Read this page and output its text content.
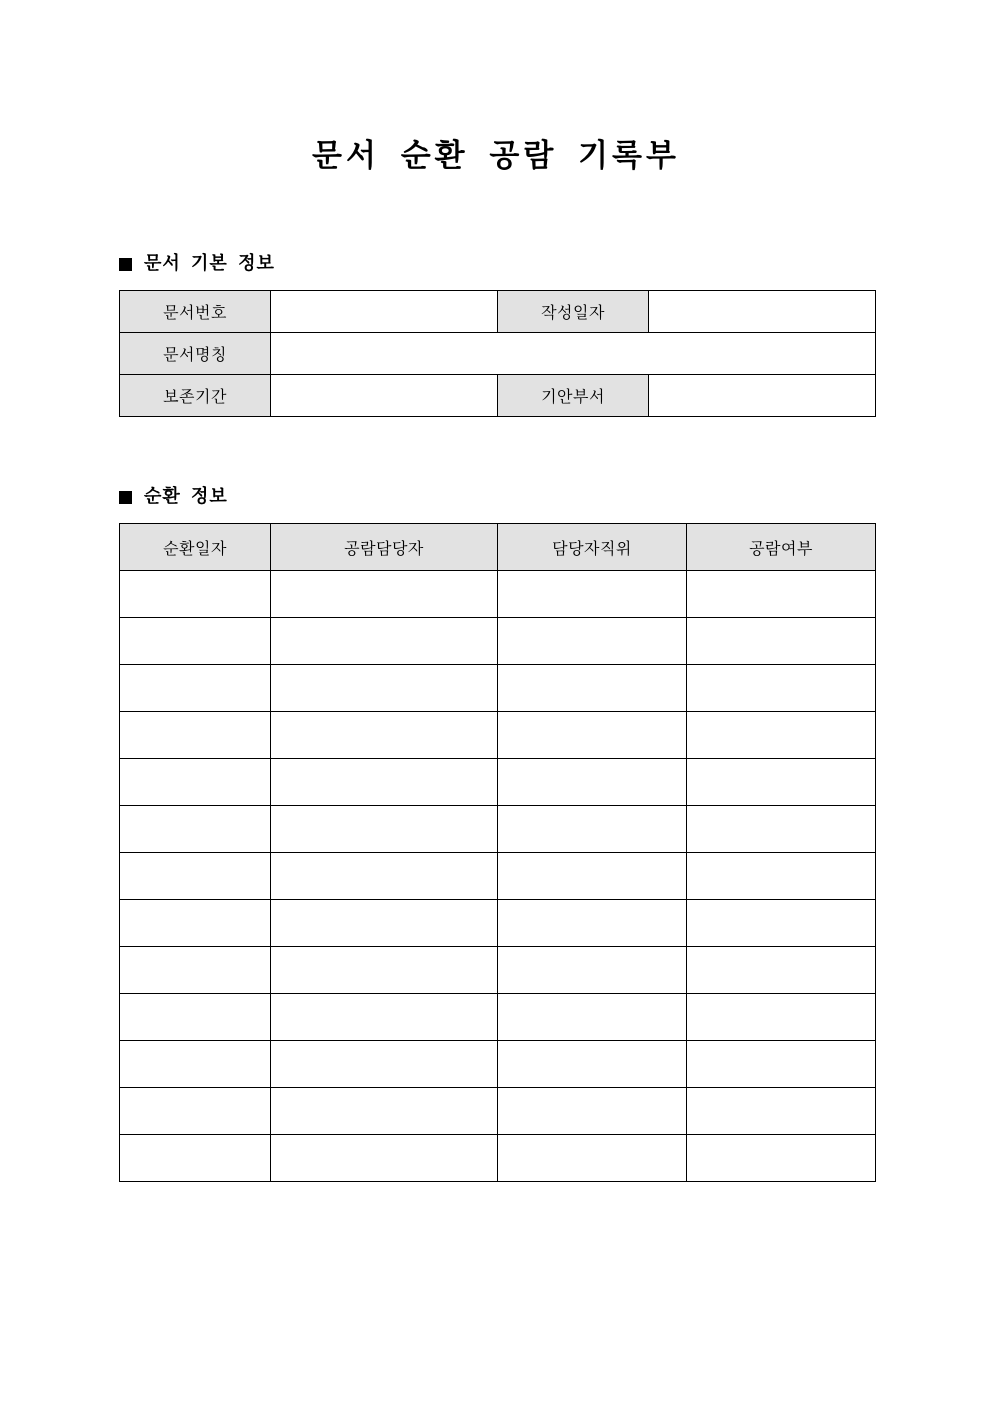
문서 순환 공람 기록부
문서 기본 정보
문서번호		작성일자	
문서명칭			
보존기간		기안부서	
순환 정보
순환일자	공람담당자	담당자직위	공람여부
